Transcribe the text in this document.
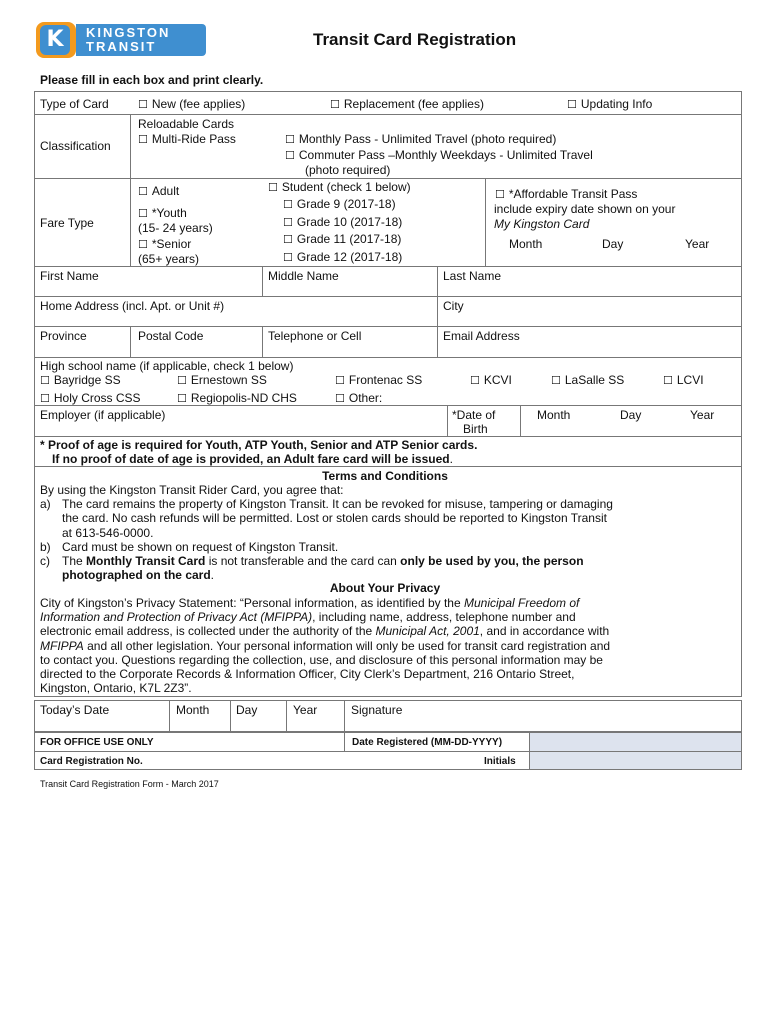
K	KINGSTON
TRANSIT	Transit Card Registration
Please fill in each box and print clearly.
Type of Card	☐ New (fee applies)	☐ Replacement (fee applies)	☐ Updating Info
Classification
Reloadable Cards
☐ Multi-Ride Pass	☐ Monthly Pass - Unlimited Travel (photo required)
☐ Commuter Pass –Monthly Weekdays - Unlimited Travel
(photo required)
Fare Type
☐ Adult
☐ *Youth
(15- 24 years)
☐ *Senior
(65+ years)
☐ Student (check 1 below)
☐ Grade 9 (2017-18)
☐ Grade 10 (2017-18)
☐ Grade 11 (2017-18)
☐ Grade 12 (2017-18)
☐ *Affordable Transit Pass
include expiry date shown on your
My Kingston Card
Month	Day	Year
First Name	Middle Name	Last Name
Home Address (incl. Apt. or Unit #)	City
Province	Postal Code	Telephone or Cell	Email Address
High school name (if applicable, check 1 below)
☐ Bayridge SS	☐ Ernestown SS	☐ Frontenac SS	☐ KCVI	☐ LaSalle SS	☐ LCVI
☐ Holy Cross CSS	☐ Regiopolis-ND CHS	☐ Other:
Employer (if applicable)	*Date of
Birth
Month	Day	Year
* Proof of age is required for Youth, ATP Youth, Senior and ATP Senior cards.
If no proof of date of age is provided, an Adult fare card will be issued.
Terms and Conditions
By using the Kingston Transit Rider Card, you agree that:
a) The card remains the property of Kingston Transit. It can be revoked for misuse, tampering or damaging
the card. No cash refunds will be permitted. Lost or stolen cards should be reported to Kingston Transit
at 613-546-0000.
b) Card must be shown on request of Kingston Transit.
c) The Monthly Transit Card is not transferable and the card can only be used by you, the person
photographed on the card.
About Your Privacy
City of Kingston’s Privacy Statement: “Personal information, as identified by the Municipal Freedom of
Information and Protection of Privacy Act (MFIPPA), including name, address, telephone number and
electronic email address, is collected under the authority of the Municipal Act, 2001, and in accordance with
MFIPPA and all other legislation. Your personal information will only be used for transit card registration and
to contact you. Questions regarding the collection, use, and disclosure of this personal information may be
directed to the Corporate Records & Information Officer, City Clerk’s Department, 216 Ontario Street,
Kingston, Ontario, K7L 2Z3”.
Today’s Date	Month Day	Year	Signature
FOR OFFICE USE ONLY	Date Registered (MM-DD-YYYY)
Card Registration No.	Initials
Transit Card Registration Form - March 2017
